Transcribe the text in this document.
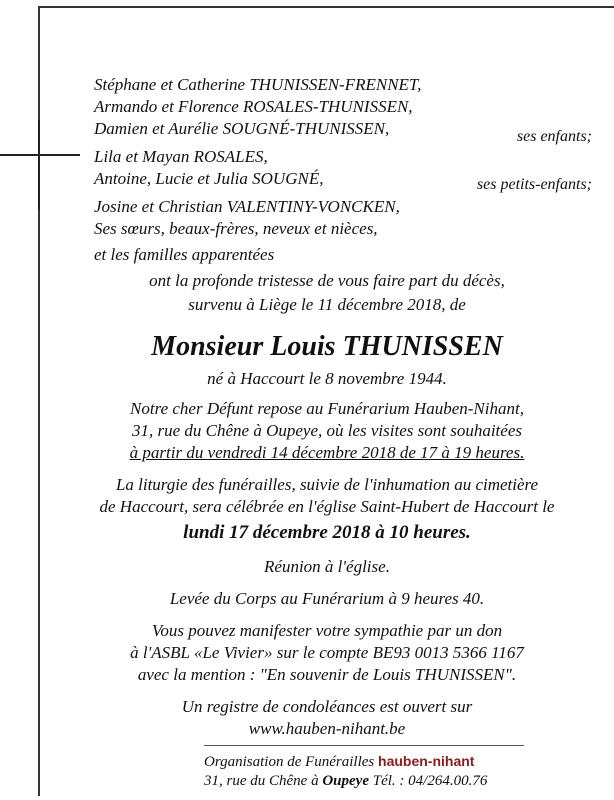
Stéphane et Catherine THUNISSEN-FRENNET,
Armando et Florence ROSALES-THUNISSEN,
Damien et Aurélie SOUGNÉ-THUNISSEN,	ses enfants;
Lila et Mayan ROSALES,
Antoine, Lucie et Julia SOUGNÉ,	ses petits-enfants;
Josine et Christian VALENTINY-VONCKEN,
Ses sœurs, beaux-frères, neveux et nièces,
et les familles apparentées
ont la profonde tristesse de vous faire part du décès,
survenu à Liège le 11 décembre 2018, de
Monsieur Louis THUNISSEN
né à Haccourt le 8 novembre 1944.
Notre cher Défunt repose au Funérarium Hauben-Nihant,
31, rue du Chêne à Oupeye, où les visites sont souhaitées
à partir du vendredi 14 décembre 2018 de 17 à 19 heures.
La liturgie des funérailles, suivie de l'inhumation au cimetière
de Haccourt, sera célébrée en l'église Saint-Hubert de Haccourt le
lundi 17 décembre 2018 à 10 heures.
Réunion à l'église.
Levée du Corps au Funérarium à 9 heures 40.
Vous pouvez manifester votre sympathie par un don
à l'ASBL «Le Vivier» sur le compte BE93 0013 5366 1167
avec la mention : "En souvenir de Louis THUNISSEN".
Un registre de condoléances est ouvert sur
www.hauben-nihant.be
Organisation de Funérailles hauben-nihant
31, rue du Chêne à Oupeye Tél. : 04/264.00.76
